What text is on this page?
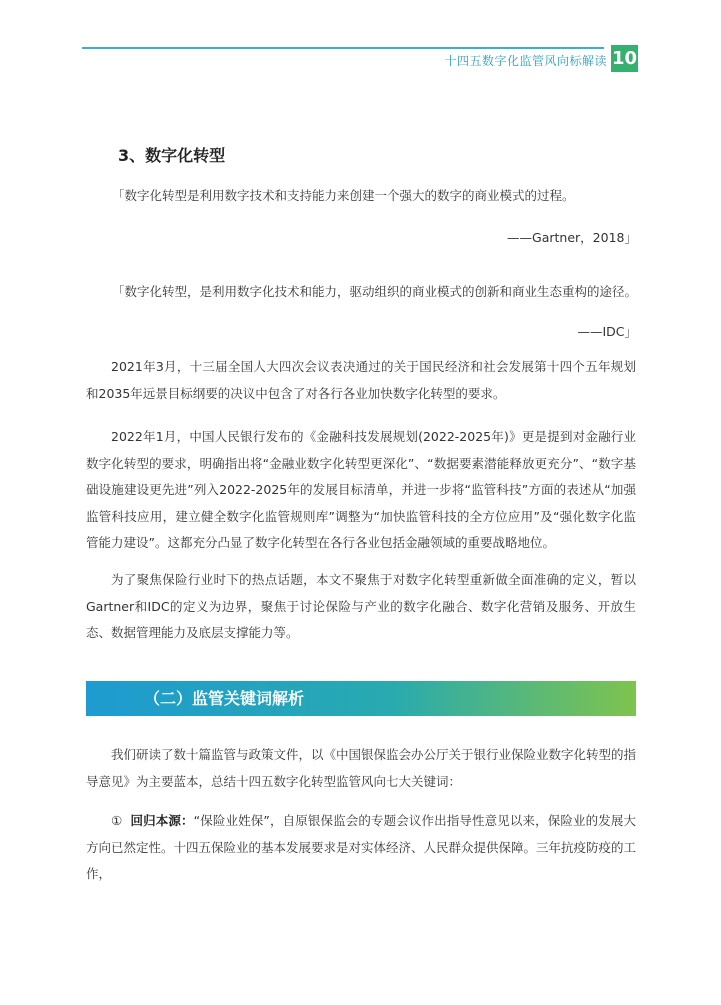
十四五数字化监管风向标解读 10
3、数字化转型
「数字化转型是利用数字技术和支持能力来创建一个强大的数字的商业模式的过程。
——Gartner，2018」
「数字化转型，是利用数字化技术和能力，驱动组织的商业模式的创新和商业生态重构的途径。
——IDC」

2021年3月，十三届全国人大四次会议表决通过的关于国民经济和社会发展第十四个五年规划和2035年远景目标纲要的决议中包含了对各行各业加快数字化转型的要求。

2022年1月，中国人民银行发布的《金融科技发展规划(2022-2025年)》更是提到对金融行业数字化转型的要求，明确指出将“金融业数字化转型更深化”、“数据要素潜能释放更充分”、“数字基础设施建设更先进”列入2022-2025年的发展目标清单，并进一步将“监管科技”方面的表述从“加强监管科技应用，建立健全数字化监管规则库”调整为“加快监管科技的全方位应用”及“强化数字化监管能力建设”。这都充分凸显了数字化转型在各行各业包括金融领域的重要战略地位。

为了聚焦保险行业时下的热点话题，本文不聚焦于对数字化转型重新做全面准确的定义，暂以Gartner和IDC的定义为边界，聚焦于讨论保险与产业的数字化融合、数字化营销及服务、开放生态、数据管理能力及底层支撑能力等。

（二）监管关键词解析

我们研读了数十篇监管与政策文件，以《中国银保监会办公厅关于银行业保险业数字化转型的指导意见》为主要蓝本，总结十四五数字化转型监管风向七大关键词：

① 回归本源：“保险业姓保”，自原银保监会的专题会议作出指导性意见以来，保险业的发展大方向已然定性。十四五保险业的基本发展要求是对实体经济、人民群众提供保障。三年抗疫防疫的工作，
